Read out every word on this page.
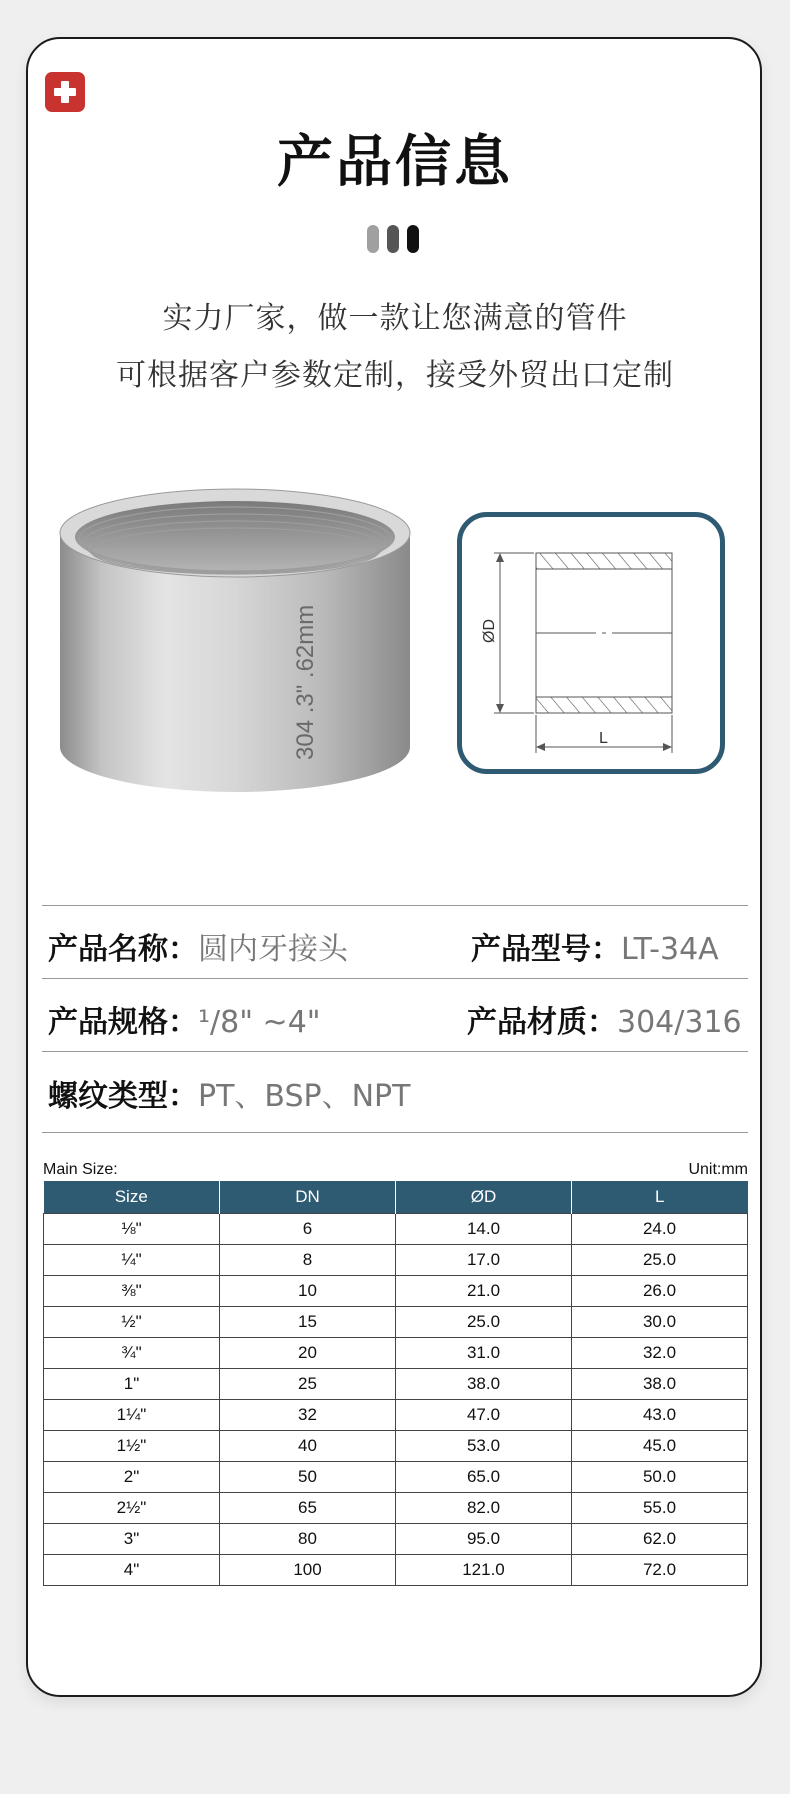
产品信息
实力厂家，做一款让您满意的管件
可根据客户参数定制，接受外贸出口定制
304 .3" .62mm	ØD
L
产品名称：圆内牙接头	产品型号：LT-34A
产品规格：¹/8" ~4"	产品材质：304/316
螺纹类型：PT、BSP、NPT
Main Size:	Unit:mm
Size	DN	ØD	L
⅛"	6	14.0	24.0
¼"	8	17.0	25.0
⅜"	10	21.0	26.0
½"	15	25.0	30.0
¾"	20	31.0	32.0
1"	25	38.0	38.0
1¼"	32	47.0	43.0
1½"	40	53.0	45.0
2"	50	65.0	50.0
2½"	65	82.0	55.0
3"	80	95.0	62.0
4"	100	121.0	72.0
